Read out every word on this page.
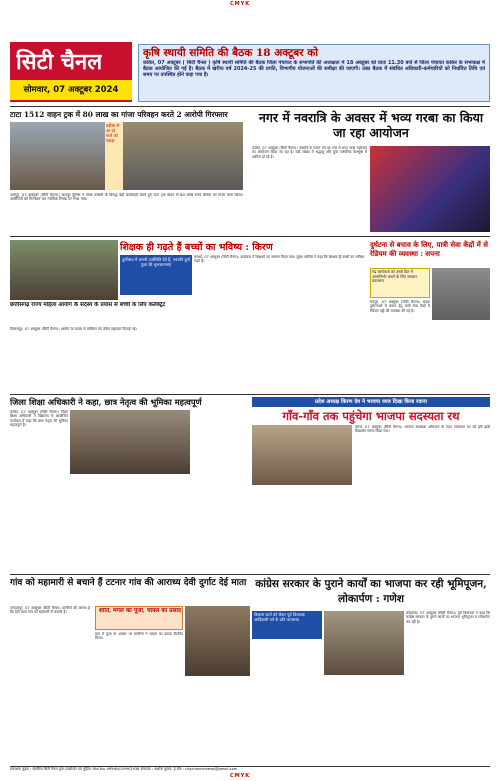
CMYK
सिटी चैनल
सोमवार, 07 अक्टूबर 2024
कृषि स्थायी समिति की बैठक 18 अक्टूबर को
कांकेर, 07 अक्टूबर ( सिटी चैनल ) कृषि स्थायी समिति की बैठक जिला पंचायत के सभापति की अध्यक्षता में 18 अक्टूबर को प्रातः 11.30 बजे से जिला पंचायत कांकेर के सभाकक्ष में बैठक आयोजित की गई है। बैठक में खरीफ वर्ष 2024-25 की प्रगति, विभागीय योजनाओं की समीक्षा की जाएगी। उक्त बैठक में संबंधित अधिकारी-कर्मचारियों को निर्धारित तिथि एवं समय पर उपस्थित होने कहा गया है।
टाटा 1512 वाहन ट्रक में 80 लाख का गांजा परिवहन करते 2 आरोपी गिरफ्तार
उड़ीसा से आ रहे गांजे को पकड़ा
जशपुर, 07 अक्टूबर (सिटी चैनल)। जशपुर पुलिस ने गांजा तस्करी के विरुद्ध बड़ी कार्यवाही करते हुए टाटा ट्रक वाहन से 80 लाख रुपये कीमत का गांजा जब्त किया। आरोपियों को गिरफ्तार कर न्यायिक रिमांड पर भेजा गया।
नगर में नवरात्रि के अवसर में भव्य गरबा का किया जा रहा आयोजन
कांकेर, 07 अक्टूबर (सिटी चैनल)। नवरात्रि के पावन पर्व पर नगर में भव्य गरबा महोत्सव का आयोजन किया जा रहा है। बड़ी संख्या में श्रद्धालु और युवा पारंपरिक वेशभूषा में शामिल हो रहे हैं।
शिक्षक ही गढ़ते हैं बच्चों का भविष्य : किरण
दुर्गोत्सव में अपनी उपस्थिति देते हैं, नवरात्रि दुर्गा पूजा की शुभकामनाएं
कवर्धा, 07 अक्टूबर (सिटी चैनल)। कार्यक्रम में शिक्षकों का सम्मान किया गया। मुख्य अतिथि ने कहा कि शिक्षक ही बच्चों का भविष्य गढ़ते हैं।
छत्तीसगढ़ राज्य महिला आयोग के सदस्य के प्रयास से बच्ची के लिए कलेक्ट्रेट
बिलासपुर, 07 अक्टूबर (सिटी चैनल)। आयोग के प्रयास से बालिका को उचित सहायता दिलाई गई।
दुर्घटना से बचाव के लिए, यात्री सेवा केंद्रों में से रेडियम की व्यवस्था : सपना
गढ़ कार्यकर्ता को उनके हित में आत्मनिर्भर बनाने के लिए सरकार प्रयासरत
रायपुर, 07 अक्टूबर (सिटी चैनल)। सड़क दुर्घटनाओं से बचाव हेतु यात्री सेवा केंद्रों में रेडियम पट्टी की व्यवस्था की गई है।
जिला शिक्षा अधिकारी ने कहा, छात्र नेतृत्व की भूमिका महत्वपूर्ण
कांकेर, 07 अक्टूबर (सिटी चैनल)। जिला शिक्षा अधिकारी ने विद्यालय में आयोजित कार्यक्रम में कहा कि छात्र नेतृत्व की भूमिका महत्वपूर्ण है।
प्रदेश अध्यक्ष किरण देव ने भाजपा ध्वज दिखा किया रवाना
गाँव-गाँव तक पहुंचेगा भाजपा सदस्यता रथ
बस्तर, 07 अक्टूबर (सिटी चैनल)। भाजपा सदस्यता अभियान के तहत सदस्यता रथ को हरी झंडी दिखाकर रवाना किया गया।
गांव को महामारी से बचाने हैं टटनार गांव की आराध्य देवी दुर्गाट देई माता
जगदलपुर, 07 अक्टूबर (सिटी चैनल)। ग्रामीणों की आस्था है कि देवी माता गांव को महामारी से बचाती हैं।	शांति, मंगल को पूजा, चावल का प्रसाद
ग्राम में पूजा के अवसर पर ग्रामीणों ने चावल का प्रसाद वितरित किया।
कांग्रेस सरकार के पुराने कार्यों का भाजपा कर रही भूमिपूजन, लोकार्पण : गणेश
विकास कार्य को लेकर पूर्व विधायक आदिवासी वर्ग के प्रति जागरूक
कोंडागांव, 07 अक्टूबर (सिटी चैनल)। पूर्व विधायक ने कहा कि कांग्रेस सरकार के पुराने कार्यों का भाजपा भूमिपूजन व लोकार्पण कर रही है।
प्रकाशक मुद्रक : स्वामित्व सिटी चैनल द्वारा प्रकाशित एवं मुद्रित। RNI No. MPHIN/1999/2938 संपादक : अशोक कुमार, ई-मेल : citychannelnews@gmail.com
CMYK
